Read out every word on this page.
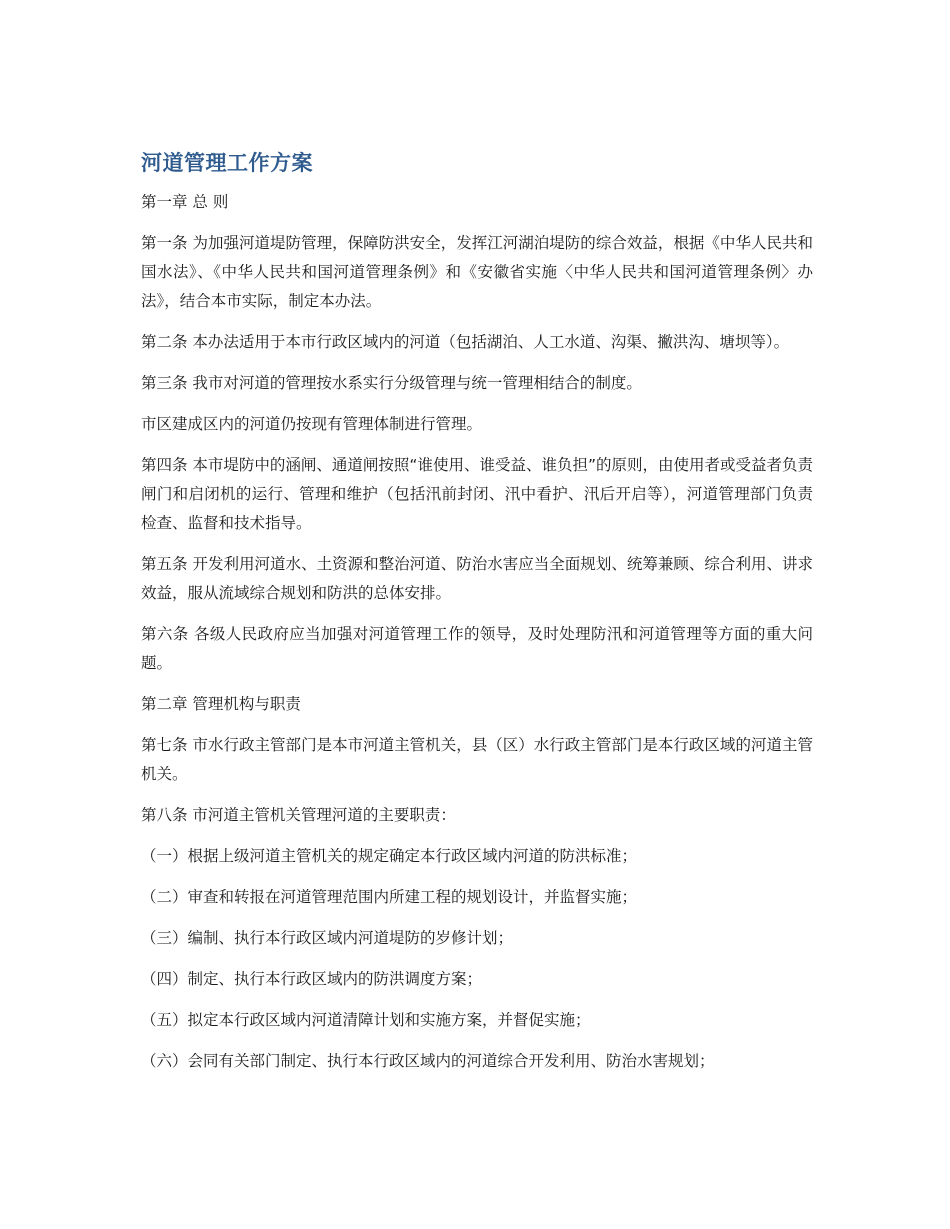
河道管理工作方案

第一章 总 则

第一条 为加强河道堤防管理，保障防洪安全，发挥江河湖泊堤防的综合效益，根据《中华人民共和国水法》、《中华人民共和国河道管理条例》和《安徽省实施〈中华人民共和国河道管理条例〉办法》，结合本市实际，制定本办法。

第二条 本办法适用于本市行政区域内的河道（包括湖泊、人工水道、沟渠、撇洪沟、塘坝等）。

第三条 我市对河道的管理按水系实行分级管理与统一管理相结合的制度。

市区建成区内的河道仍按现有管理体制进行管理。

第四条 本市堤防中的涵闸、通道闸按照“谁使用、谁受益、谁负担”的原则，由使用者或受益者负责闸门和启闭机的运行、管理和维护（包括汛前封闭、汛中看护、汛后开启等），河道管理部门负责检查、监督和技术指导。

第五条 开发利用河道水、土资源和整治河道、防治水害应当全面规划、统筹兼顾、综合利用、讲求效益，服从流域综合规划和防洪的总体安排。

第六条 各级人民政府应当加强对河道管理工作的领导，及时处理防汛和河道管理等方面的重大问题。

第二章 管理机构与职责

第七条 市水行政主管部门是本市河道主管机关，县（区）水行政主管部门是本行政区域的河道主管机关。

第八条 市河道主管机关管理河道的主要职责：

（一）根据上级河道主管机关的规定确定本行政区域内河道的防洪标准；

（二）审查和转报在河道管理范围内所建工程的规划设计，并监督实施；

（三）编制、执行本行政区域内河道堤防的岁修计划；

（四）制定、执行本行政区域内的防洪调度方案；

（五）拟定本行政区域内河道清障计划和实施方案，并督促实施；

（六）会同有关部门制定、执行本行政区域内的河道综合开发利用、防治水害规划；
